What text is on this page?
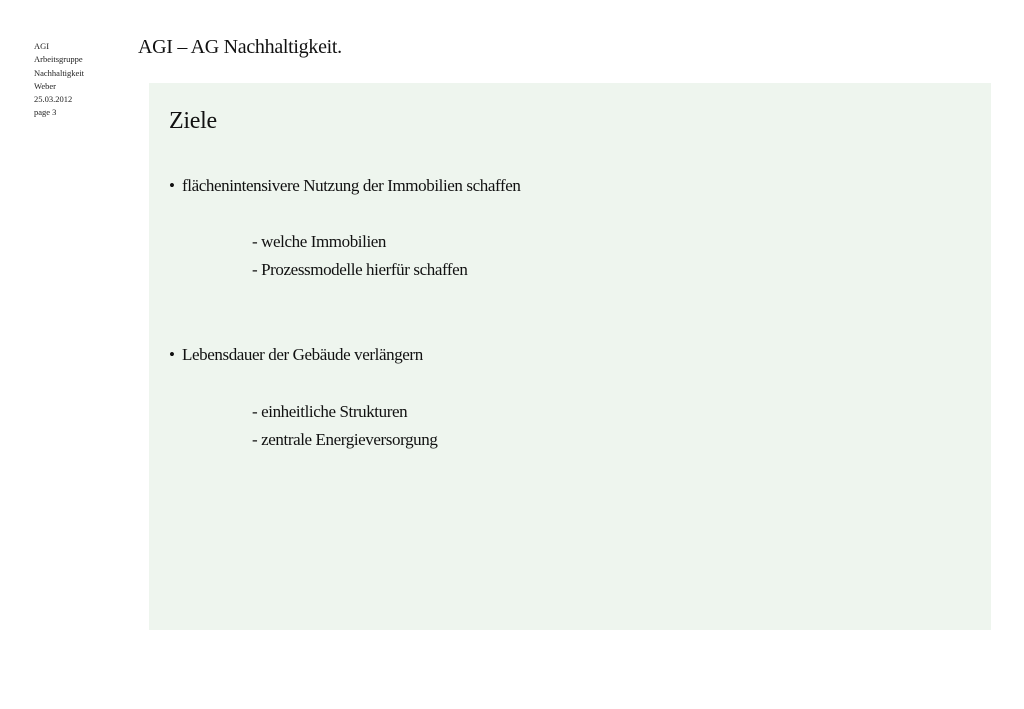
AGI
Arbeitsgruppe
Nachhaltigkeit
Weber
25.03.2012
page 3
AGI – AG Nachhaltigkeit.
Ziele
• flächenintensivere Nutzung der Immobilien schaffen
- welche Immobilien
- Prozessmodelle hierfür schaffen
• Lebensdauer der Gebäude verlängern
- einheitliche Strukturen
- zentrale Energieversorgung
